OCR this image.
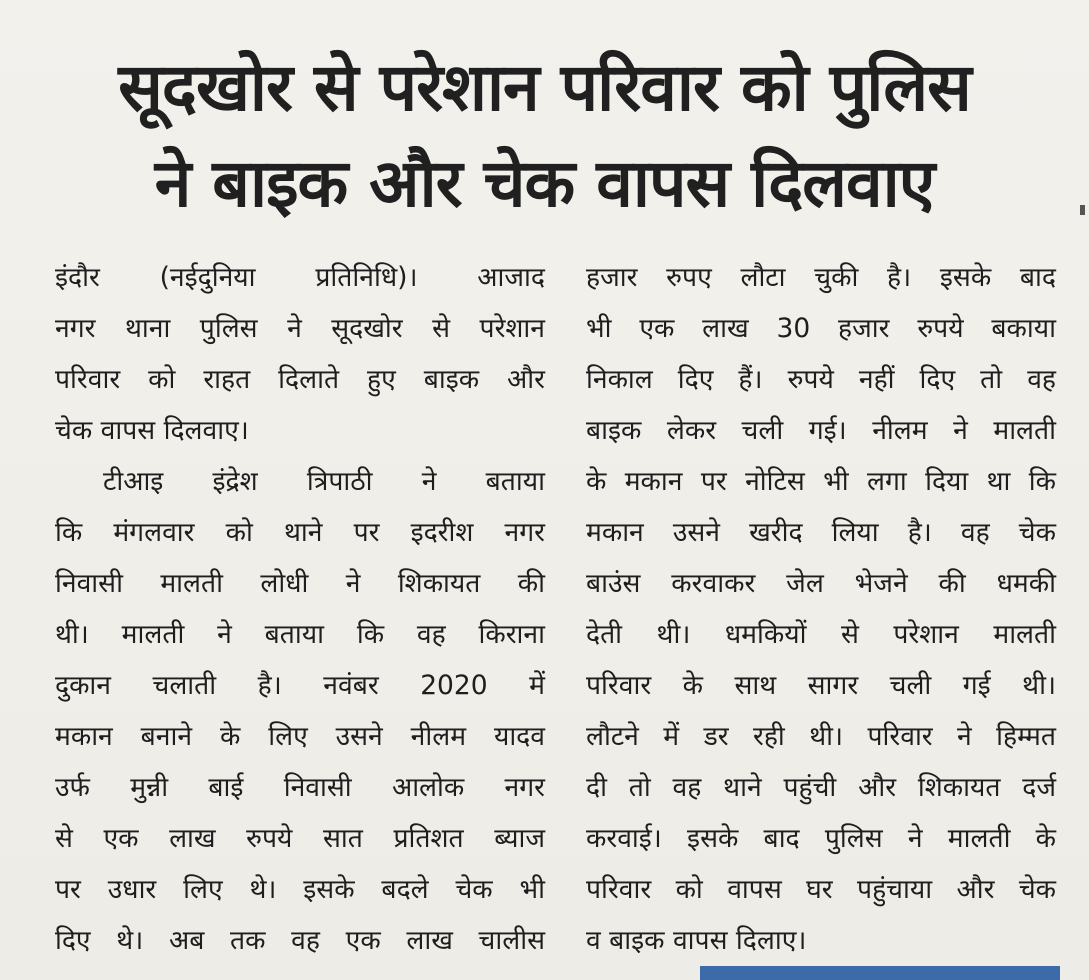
सूदखोर से परेशान परिवार को पुलिस
ने बाइक और चेक वापस दिलवाए
इंदौर (नईदुनिया प्रतिनिधि)। आजाद
नगर थाना पुलिस ने सूदखोर से परेशान
परिवार को राहत दिलाते हुए बाइक और
चेक वापस दिलवाए।
टीआइ इंद्रेश त्रिपाठी ने बताया
कि मंगलवार को थाने पर इदरीश नगर
निवासी मालती लोधी ने शिकायत की
थी। मालती ने बताया कि वह किराना
दुकान चलाती है। नवंबर 2020 में
मकान बनाने के लिए उसने नीलम यादव
उर्फ मुन्नी बाई निवासी आलोक नगर
से एक लाख रुपये सात प्रतिशत ब्याज
पर उधार लिए थे। इसके बदले चेक भी
दिए थे। अब तक वह एक लाख चालीस
हजार रुपए लौटा चुकी है। इसके बाद
भी एक लाख 30 हजार रुपये बकाया
निकाल दिए हैं। रुपये नहीं दिए तो वह
बाइक लेकर चली गई। नीलम ने मालती
के मकान पर नोटिस भी लगा दिया था कि
मकान उसने खरीद लिया है। वह चेक
बाउंस करवाकर जेल भेजने की धमकी
देती थी। धमकियों से परेशान मालती
परिवार के साथ सागर चली गई थी।
लौटने में डर रही थी। परिवार ने हिम्मत
दी तो वह थाने पहुंची और शिकायत दर्ज
करवाई। इसके बाद पुलिस ने मालती के
परिवार को वापस घर पहुंचाया और चेक
व बाइक वापस दिलाए।
